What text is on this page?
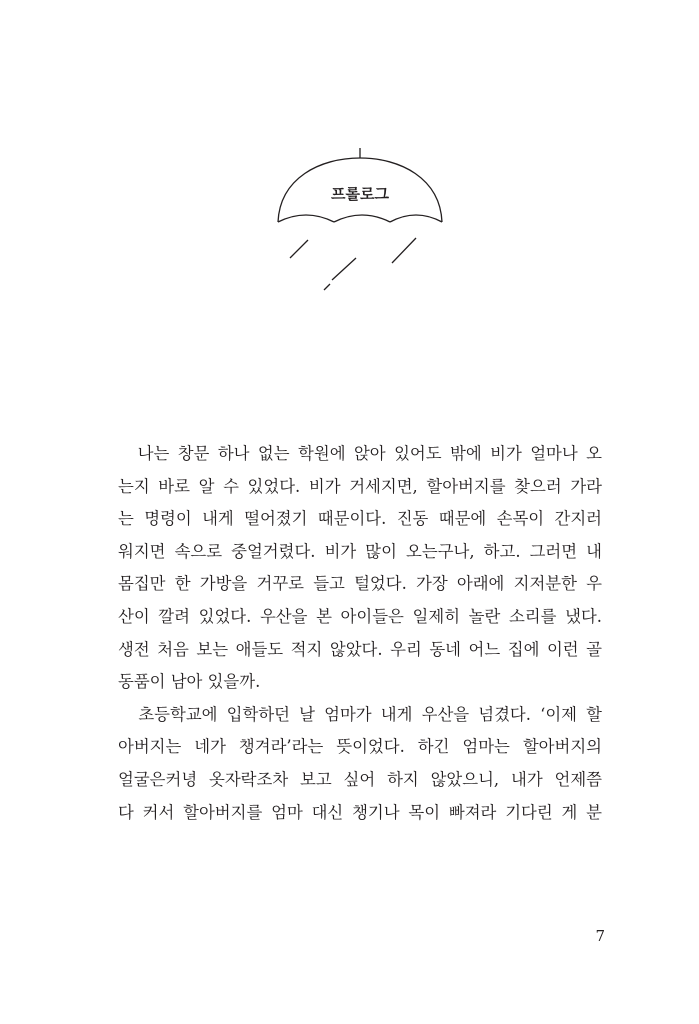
프롤로그

　나는 창문 하나 없는 학원에 앉아 있어도 밖에 비가 얼마나 오
는지 바로 알 수 있었다. 비가 거세지면, 할아버지를 찾으러 가라
는 명령이 내게 떨어졌기 때문이다. 진동 때문에 손목이 간지러
워지면 속으로 중얼거렸다. 비가 많이 오는구나, 하고. 그러면 내
몸집만 한 가방을 거꾸로 들고 털었다. 가장 아래에 지저분한 우
산이 깔려 있었다. 우산을 본 아이들은 일제히 놀란 소리를 냈다.
생전 처음 보는 애들도 적지 않았다. 우리 동네 어느 집에 이런 골
동품이 남아 있을까.

　초등학교에 입학하던 날 엄마가 내게 우산을 넘겼다. ‘이제 할
아버지는 네가 챙겨라’라는 뜻이었다. 하긴 엄마는 할아버지의
얼굴은커녕 옷자락조차 보고 싶어 하지 않았으니, 내가 언제쯤
다 커서 할아버지를 엄마 대신 챙기나 목이 빠져라 기다린 게 분

7
